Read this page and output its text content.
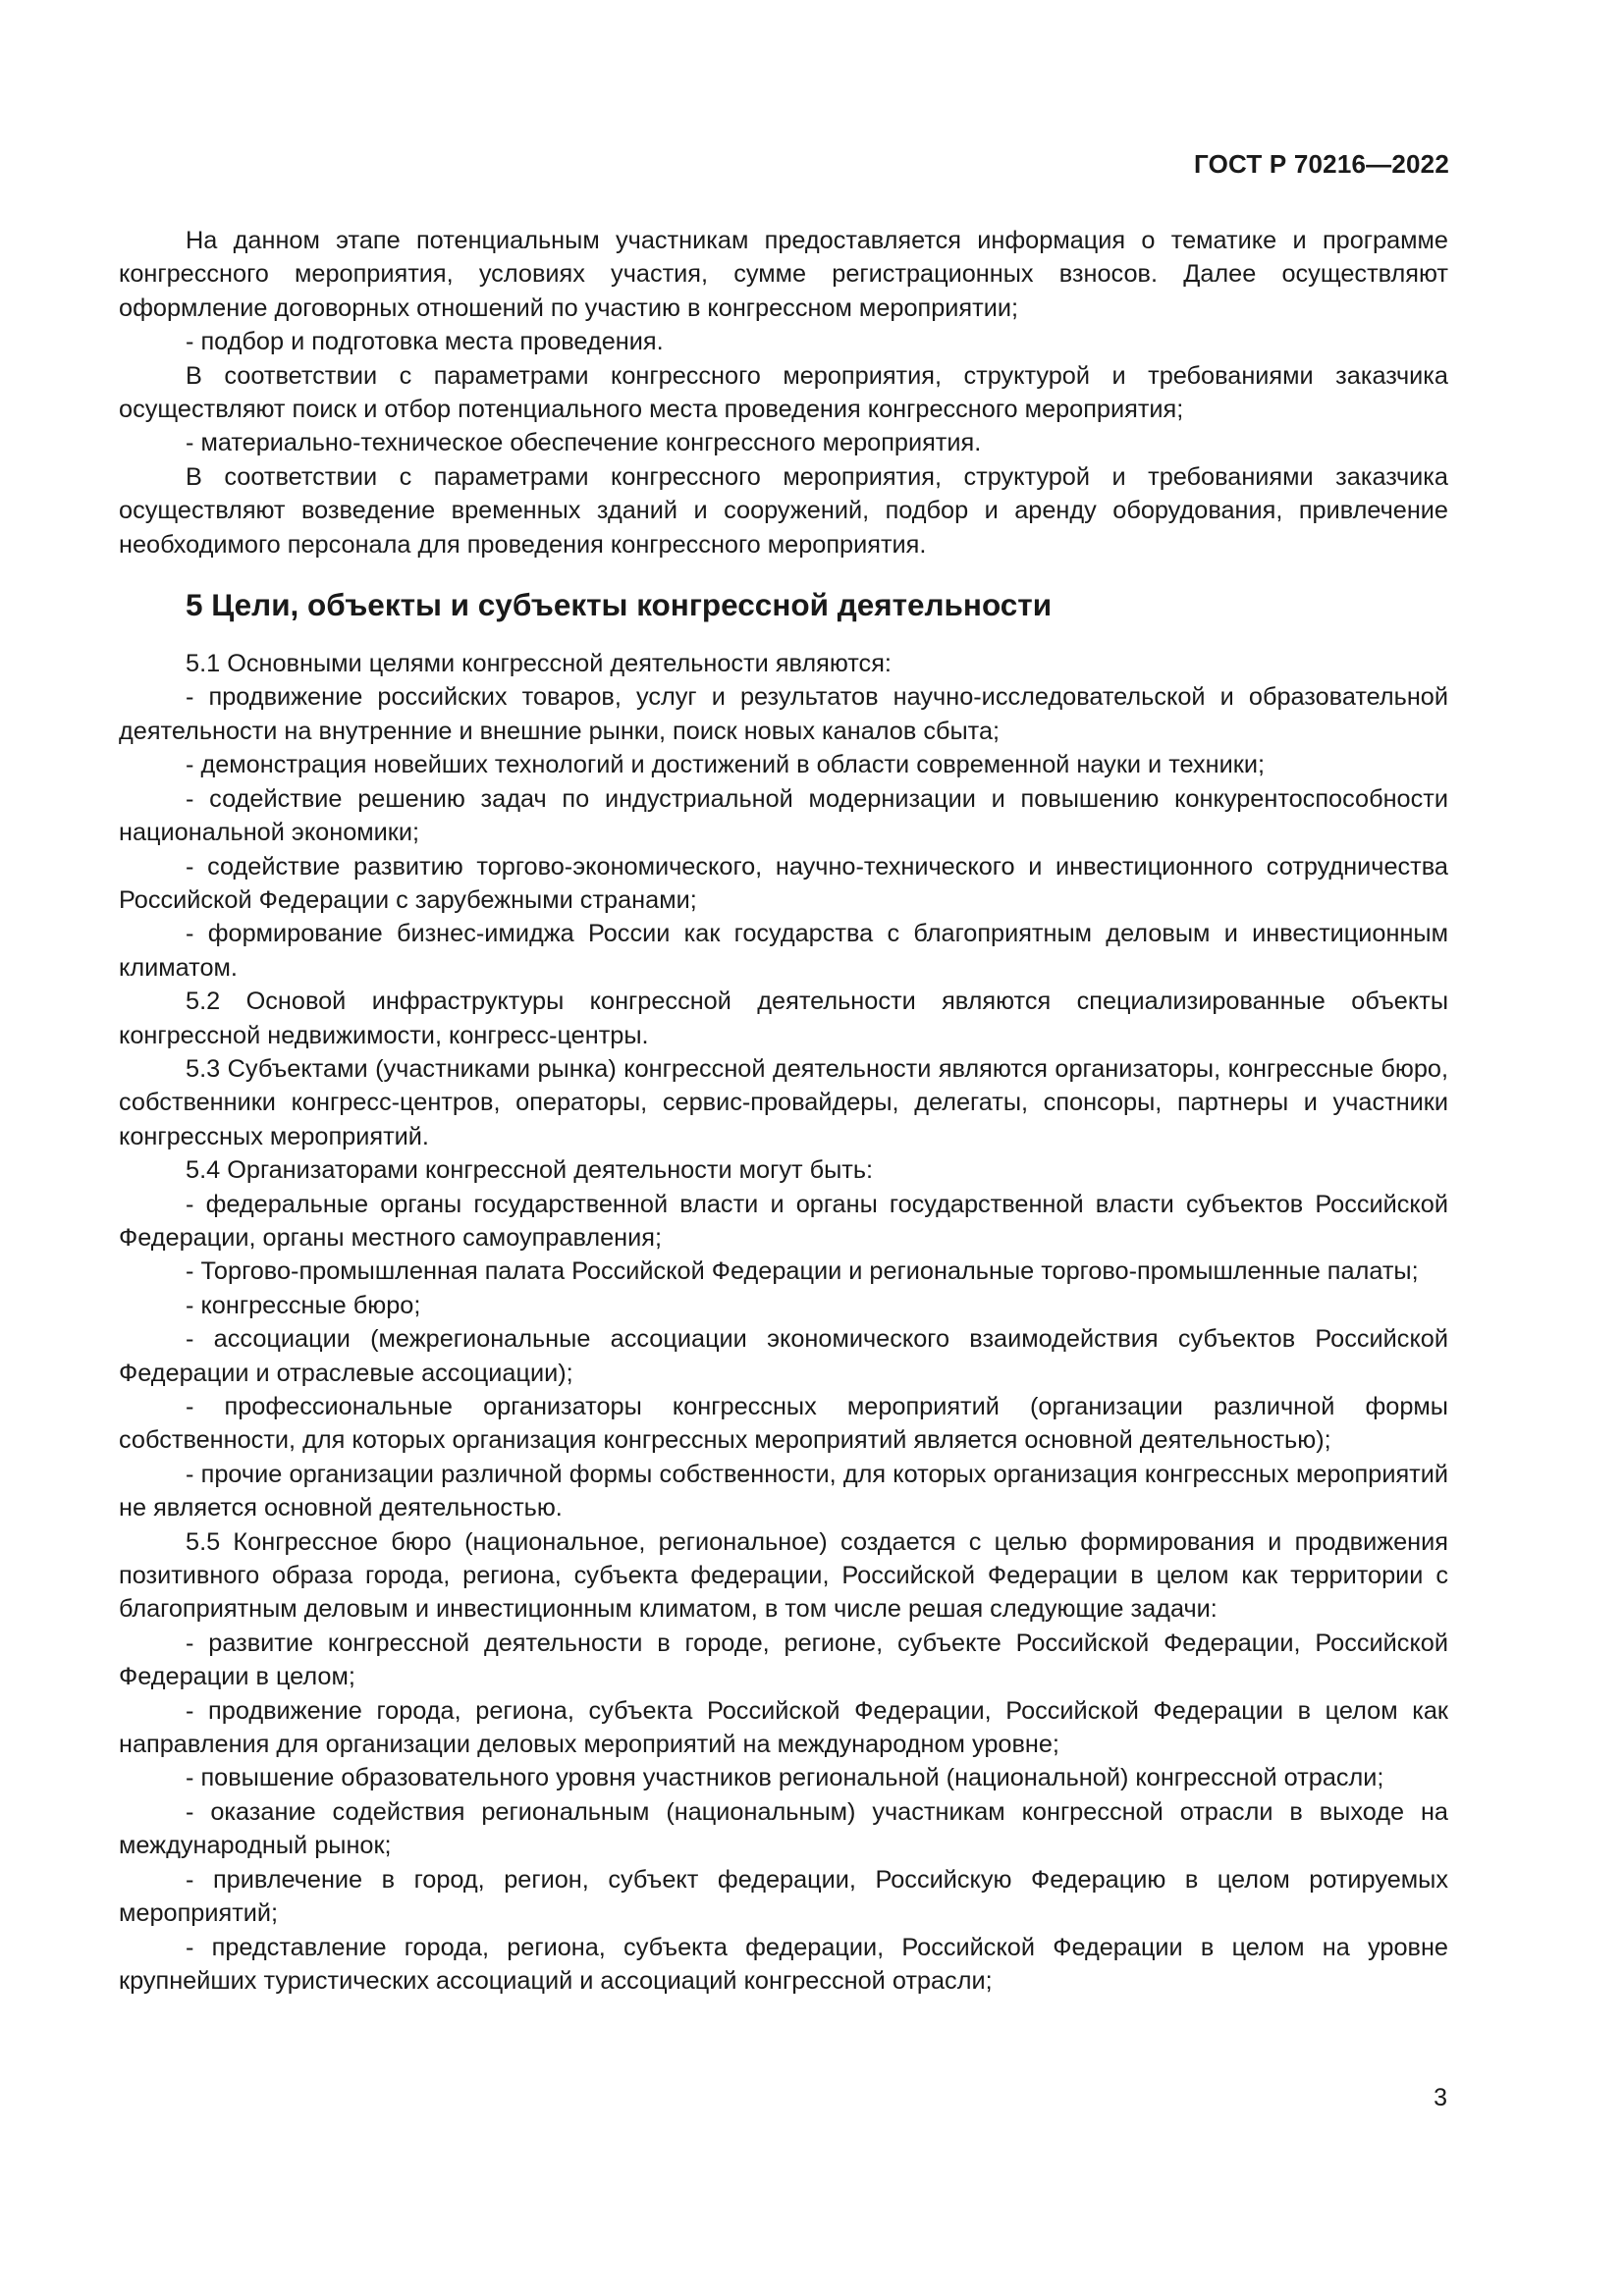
ГОСТ Р 70216—2022

На данном этапе потенциальным участникам предоставляется информация о тематике и программе конгрессного мероприятия, условиях участия, сумме регистрационных взносов. Далее осуществляют оформление договорных отношений по участию в конгрессном мероприятии;

- подбор и подготовка места проведения.

В соответствии с параметрами конгрессного мероприятия, структурой и требованиями заказчика осуществляют поиск и отбор потенциального места проведения конгрессного мероприятия;

- материально-техническое обеспечение конгрессного мероприятия.

В соответствии с параметрами конгрессного мероприятия, структурой и требованиями заказчика осуществляют возведение временных зданий и сооружений, подбор и аренду оборудования, привлечение необходимого персонала для проведения конгрессного мероприятия.

5 Цели, объекты и субъекты конгрессной деятельности

5.1 Основными целями конгрессной деятельности являются:

- продвижение российских товаров, услуг и результатов научно-исследовательской и образовательной деятельности на внутренние и внешние рынки, поиск новых каналов сбыта;

- демонстрация новейших технологий и достижений в области современной науки и техники;

- содействие решению задач по индустриальной модернизации и повышению конкурентоспособности национальной экономики;

- содействие развитию торгово-экономического, научно-технического и инвестиционного сотрудничества Российской Федерации с зарубежными странами;

- формирование бизнес-имиджа России как государства с благоприятным деловым и инвестиционным климатом.

5.2 Основой инфраструктуры конгрессной деятельности являются специализированные объекты конгрессной недвижимости, конгресс-центры.

5.3 Субъектами (участниками рынка) конгрессной деятельности являются организаторы, конгрессные бюро, собственники конгресс-центров, операторы, сервис-провайдеры, делегаты, спонсоры, партнеры и участники конгрессных мероприятий.

5.4 Организаторами конгрессной деятельности могут быть:

- федеральные органы государственной власти и органы государственной власти субъектов Российской Федерации, органы местного самоуправления;

- Торгово-промышленная палата Российской Федерации и региональные торгово-промышленные палаты;

- конгрессные бюро;

- ассоциации (межрегиональные ассоциации экономического взаимодействия субъектов Российской Федерации и отраслевые ассоциации);

- профессиональные организаторы конгрессных мероприятий (организации различной формы собственности, для которых организация конгрессных мероприятий является основной деятельностью);

- прочие организации различной формы собственности, для которых организация конгрессных мероприятий не является основной деятельностью.

5.5 Конгрессное бюро (национальное, региональное) создается с целью формирования и продвижения позитивного образа города, региона, субъекта федерации, Российской Федерации в целом как территории с благоприятным деловым и инвестиционным климатом, в том числе решая следующие задачи:

- развитие конгрессной деятельности в городе, регионе, субъекте Российской Федерации, Российской Федерации в целом;

- продвижение города, региона, субъекта Российской Федерации, Российской Федерации в целом как направления для организации деловых мероприятий на международном уровне;

- повышение образовательного уровня участников региональной (национальной) конгрессной отрасли;

- оказание содействия региональным (национальным) участникам конгрессной отрасли в выходе на международный рынок;

- привлечение в город, регион, субъект федерации, Российскую Федерацию в целом ротируемых мероприятий;

- представление города, региона, субъекта федерации, Российской Федерации в целом на уровне крупнейших туристических ассоциаций и ассоциаций конгрессной отрасли;

3
